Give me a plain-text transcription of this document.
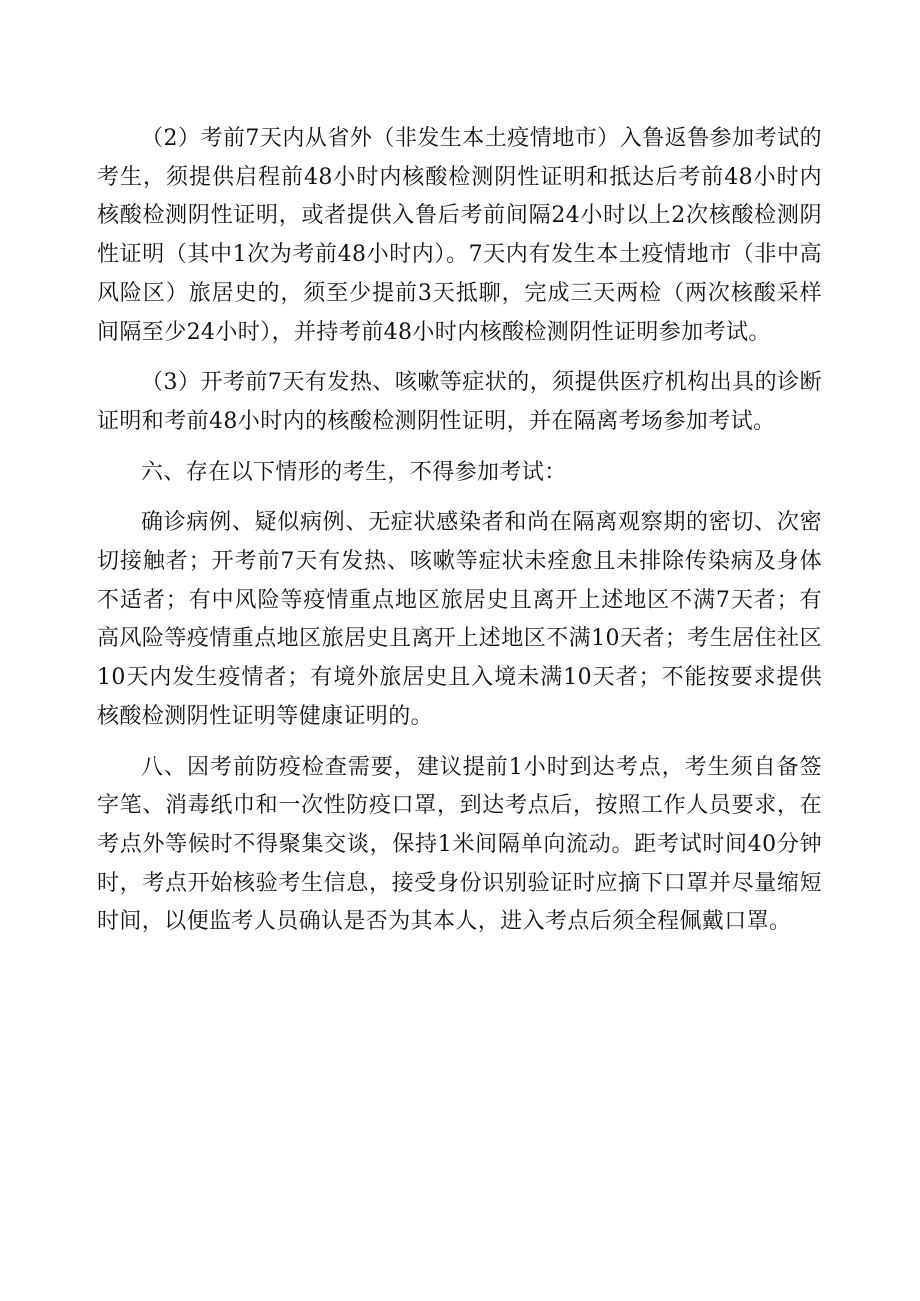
（2）考前7天内从省外（非发生本土疫情地市）入鲁返鲁参加考试的考生，须提供启程前48小时内核酸检测阴性证明和抵达后考前48小时内核酸检测阴性证明，或者提供入鲁后考前间隔24小时以上2次核酸检测阴性证明（其中1次为考前48小时内）。7天内有发生本土疫情地市（非中高风险区）旅居史的，须至少提前3天抵聊，完成三天两检（两次核酸采样间隔至少24小时），并持考前48小时内核酸检测阴性证明参加考试。

（3）开考前7天有发热、咳嗽等症状的，须提供医疗机构出具的诊断证明和考前48小时内的核酸检测阴性证明，并在隔离考场参加考试。

六、存在以下情形的考生，不得参加考试：

确诊病例、疑似病例、无症状感染者和尚在隔离观察期的密切、次密切接触者；开考前7天有发热、咳嗽等症状未痊愈且未排除传染病及身体不适者；有中风险等疫情重点地区旅居史且离开上述地区不满7天者；有高风险等疫情重点地区旅居史且离开上述地区不满10天者；考生居住社区10天内发生疫情者；有境外旅居史且入境未满10天者；不能按要求提供核酸检测阴性证明等健康证明的。

八、因考前防疫检查需要，建议提前1小时到达考点，考生须自备签字笔、消毒纸巾和一次性防疫口罩，到达考点后，按照工作人员要求，在考点外等候时不得聚集交谈，保持1米间隔单向流动。距考试时间40分钟时，考点开始核验考生信息，接受身份识别验证时应摘下口罩并尽量缩短时间，以便监考人员确认是否为其本人，进入考点后须全程佩戴口罩。
